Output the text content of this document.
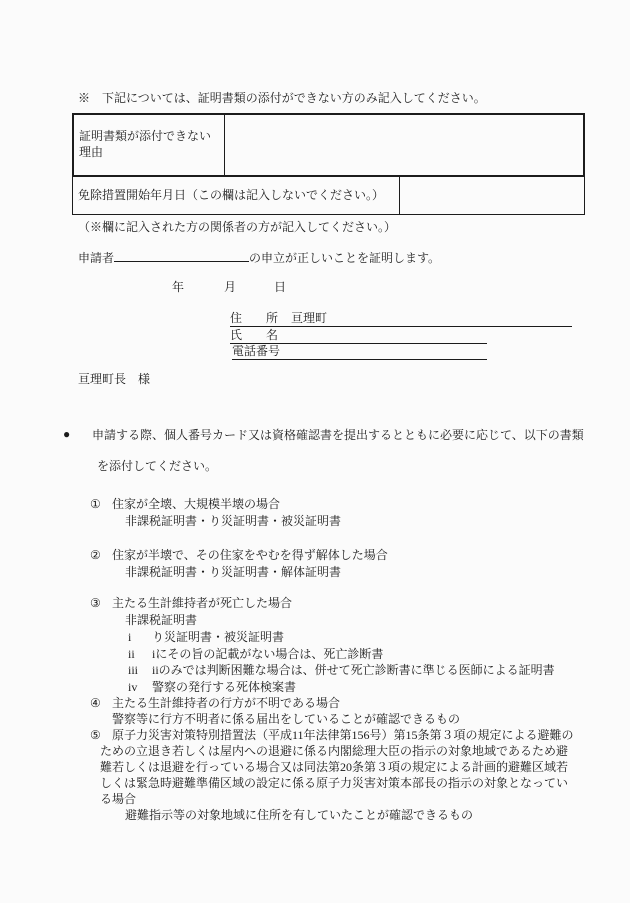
※　下記については、証明書類の添付ができない方のみ記入してください。
証明書類が添付できない
理由
免除措置開始年月日（この欄は記入しないでください。）
（※欄に記入された方の関係者の方が記入してください。）
申請者	の申立が正しいことを証明します。
年	月	日
住　　所 亘理町
氏　　名
電話番号
亘理町長　様
● 申請する際、個人番号カード又は資格確認書を提出するとともに必要に応じて、以下の書類
を添付してください。
① 住家が全壊、大規模半壊の場合
非課税証明書・り災証明書・被災証明書
② 住家が半壊で、その住家をやむを得ず解体した場合
非課税証明書・り災証明書・解体証明書
③ 主たる生計維持者が死亡した場合
非課税証明書
i り災証明書・被災証明書
ii iにその旨の記載がない場合は、死亡診断書
iii iiのみでは判断困難な場合は、併せて死亡診断書に準じる医師による証明書
iv 警察の発行する死体検案書
④ 主たる生計維持者の行方が不明である場合
警察等に行方不明者に係る届出をしていることが確認できるもの
⑤ 原子力災害対策特別措置法（平成11年法律第156号）第15条第３項の規定による避難の
ための立退き若しくは屋内への退避に係る内閣総理大臣の指示の対象地域であるため避
難若しくは退避を行っている場合又は同法第20条第３項の規定による計画的避難区域若
しくは緊急時避難準備区域の設定に係る原子力災害対策本部長の指示の対象となってい
る場合
避難指示等の対象地域に住所を有していたことが確認できるもの
